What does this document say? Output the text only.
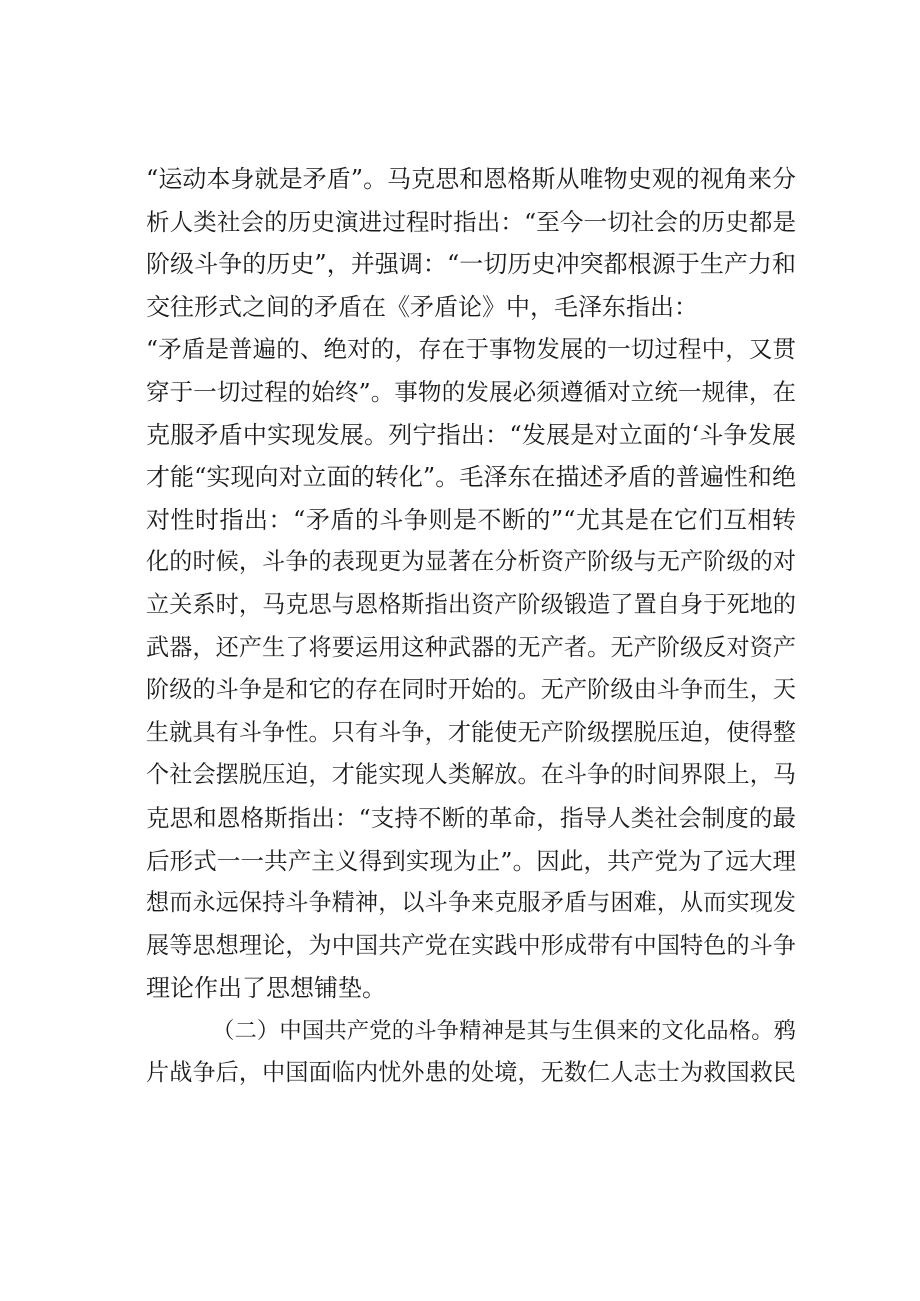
“运动本身就是矛盾”。马克思和恩格斯从唯物史观的视角来分
析人类社会的历史演进过程时指出：“至今一切社会的历史都是
阶级斗争的历史”，并强调：“一切历史冲突都根源于生产力和
交往形式之间的矛盾在《矛盾论》中，毛泽东指出：
“矛盾是普遍的、绝对的，存在于事物发展的一切过程中，又贯
穿于一切过程的始终”。事物的发展必须遵循对立统一规律，在
克服矛盾中实现发展。列宁指出：“发展是对立面的‘斗争发展
才能“实现向对立面的转化”。毛泽东在描述矛盾的普遍性和绝
对性时指出：“矛盾的斗争则是不断的”“尤其是在它们互相转
化的时候，斗争的表现更为显著在分析资产阶级与无产阶级的对
立关系时，马克思与恩格斯指出资产阶级锻造了置自身于死地的
武器，还产生了将要运用这种武器的无产者。无产阶级反对资产
阶级的斗争是和它的存在同时开始的。无产阶级由斗争而生，天
生就具有斗争性。只有斗争，才能使无产阶级摆脱压迫，使得整
个社会摆脱压迫，才能实现人类解放。在斗争的时间界限上，马
克思和恩格斯指出：“支持不断的革命，指导人类社会制度的最
后形式一一共产主义得到实现为止”。因此，共产党为了远大理
想而永远保持斗争精神，以斗争来克服矛盾与困难，从而实现发
展等思想理论，为中国共产党在实践中形成带有中国特色的斗争
理论作出了思想铺垫。
（二）中国共产党的斗争精神是其与生俱来的文化品格。鸦
片战争后，中国面临内忧外患的处境，无数仁人志士为救国救民
